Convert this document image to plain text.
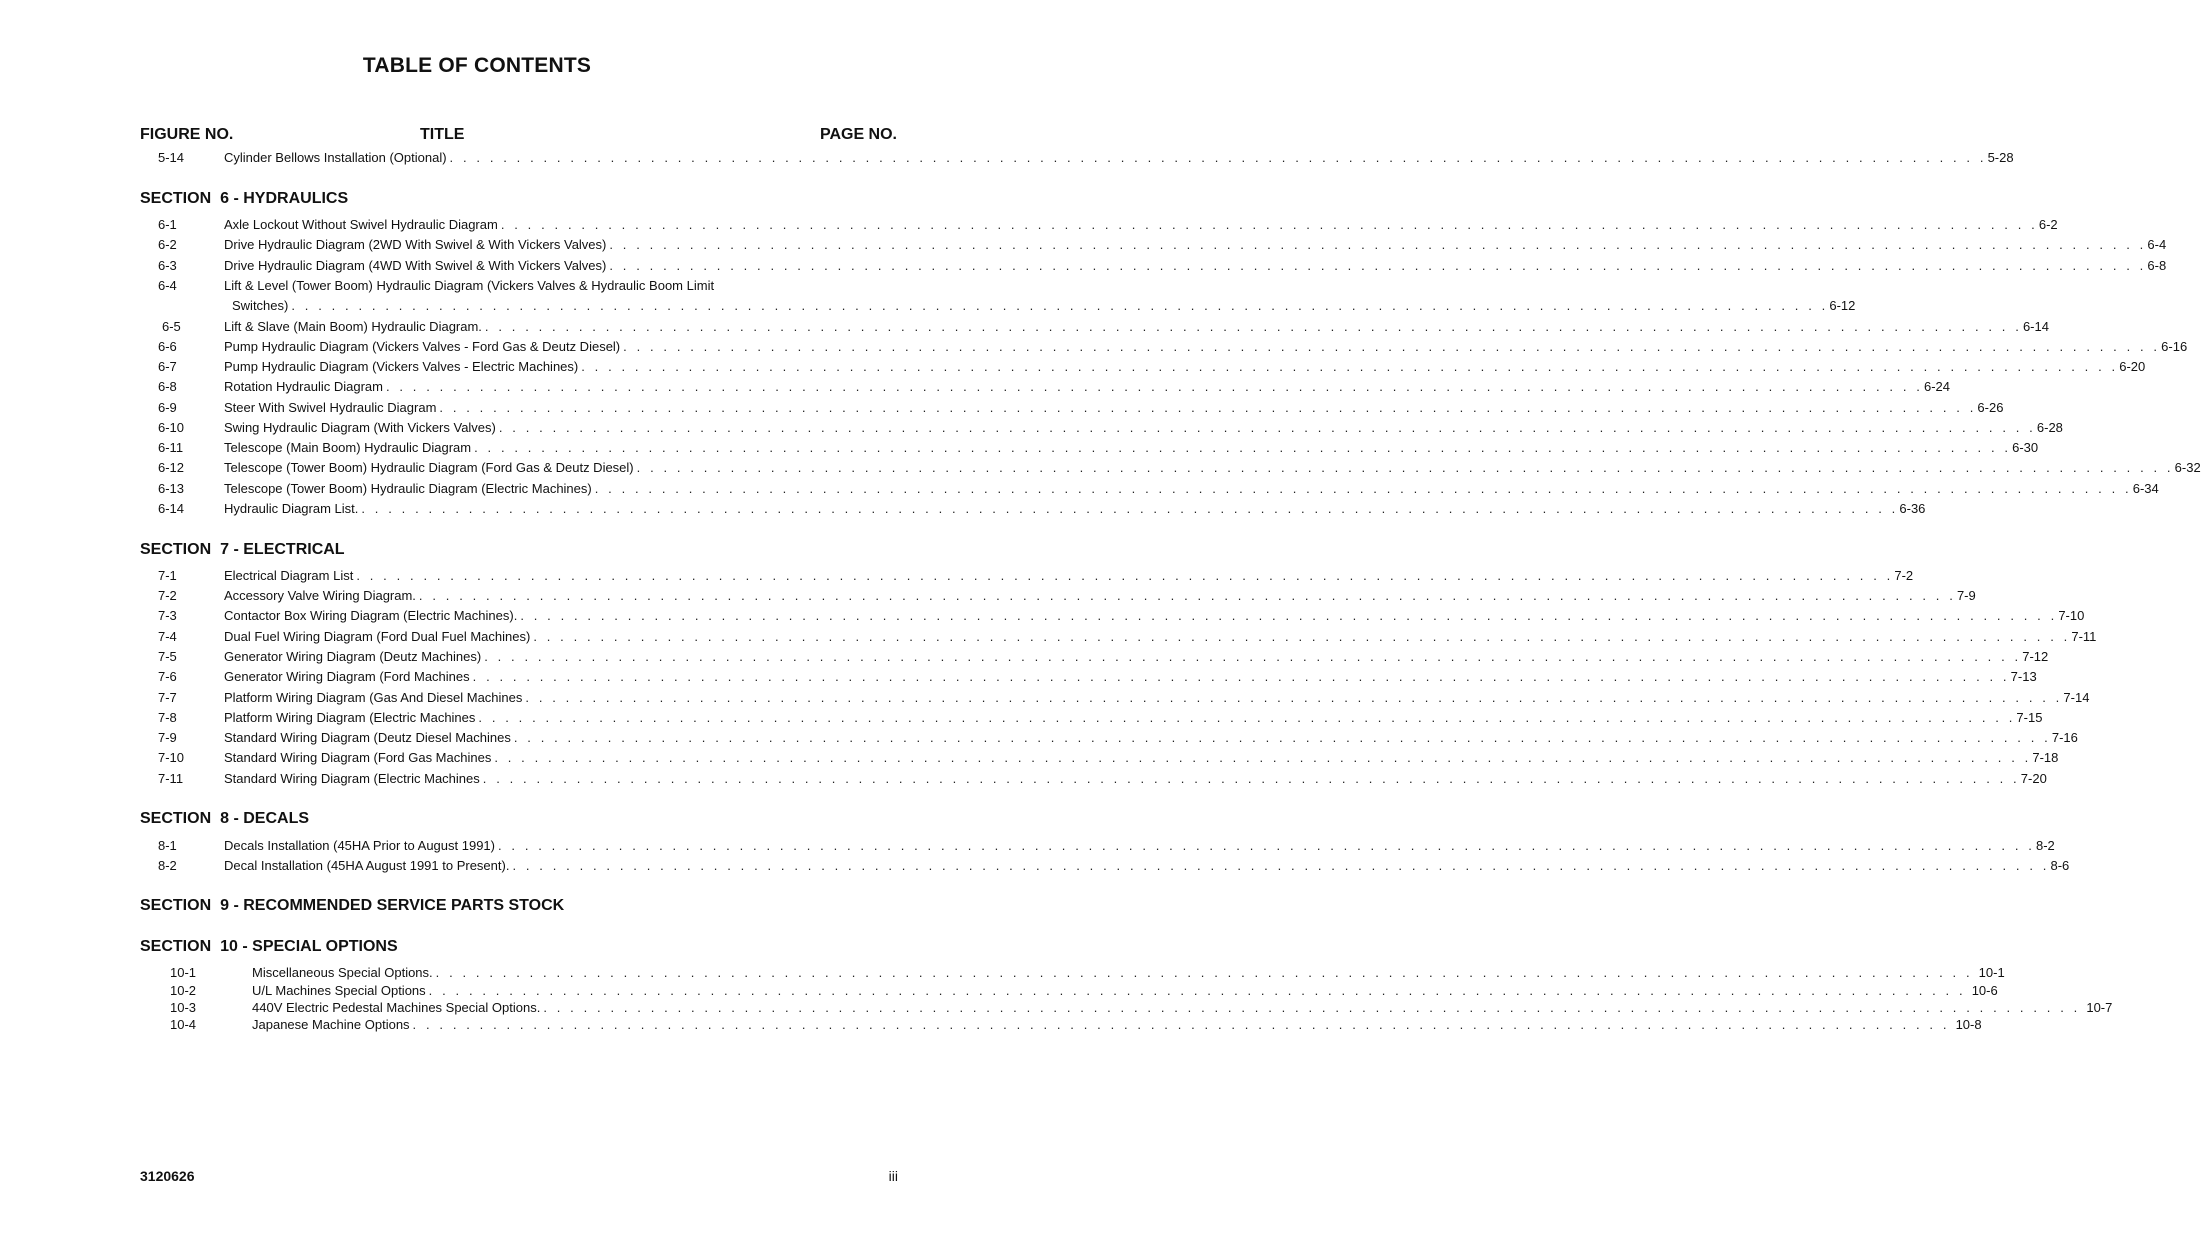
TABLE OF CONTENTS
FIGURE NO.	TITLE	PAGE NO.
5-14	Cylinder Bellows Installation (Optional) . . . . . . . . . . . . . . . . . . . . . . . . . . . . . . . . . . . . . . . . . . . . . . . . . . . . . . . . . . . . . . . . . . . . . . . . . . . . . . . . . . . . . . . . . . . . . . . . . . . . . . . . . . . . . . . . . . . 5-28
SECTION 6 - HYDRAULICS
6-1	Axle Lockout Without Swivel Hydraulic Diagram . . . . . . . . . . . . . . . . . . . . . . . . . . . . . . . . . . . . . . . . . . . . . . . . . . . . . . . . . . . . . . . . . . . . . . . . . . . . . . . . . . . . . . . . . . . . . . . . . . . . . . . . . . . . . . . . . . . 6-2
6-2	Drive Hydraulic Diagram (2WD With Swivel & With Vickers Valves) . . . . . . . . . . . . . . . . . . . . . . . . . . . . . . . . . . . . . . . . . . . . . . . . . . . . . . . . . . . . . . . . . . . . . . . . . . . . . . . . . . . . . . . . . . . . . . . . . . . . . . . . . . . . . . . . . . . 6-4
6-3	Drive Hydraulic Diagram (4WD With Swivel & With Vickers Valves) . . . . . . . . . . . . . . . . . . . . . . . . . . . . . . . . . . . . . . . . . . . . . . . . . . . . . . . . . . . . . . . . . . . . . . . . . . . . . . . . . . . . . . . . . . . . . . . . . . . . . . . . . . . . . . . . . . . 6-8
6-4	Lift & Level (Tower Boom) Hydraulic Diagram (Vickers Valves & Hydraulic Boom Limit
Switches) . . . . . . . . . . . . . . . . . . . . . . . . . . . . . . . . . . . . . . . . . . . . . . . . . . . . . . . . . . . . . . . . . . . . . . . . . . . . . . . . . . . . . . . . . . . . . . . . . . . . . . . . . . . . . . . . . . . 6-12
6-5	Lift & Slave (Main Boom) Hydraulic Diagram. . . . . . . . . . . . . . . . . . . . . . . . . . . . . . . . . . . . . . . . . . . . . . . . . . . . . . . . . . . . . . . . . . . . . . . . . . . . . . . . . . . . . . . . . . . . . . . . . . . . . . . . . . . . . . . . . . . . 6-14
6-6	Pump Hydraulic Diagram (Vickers Valves - Ford Gas & Deutz Diesel) . . . . . . . . . . . . . . . . . . . . . . . . . . . . . . . . . . . . . . . . . . . . . . . . . . . . . . . . . . . . . . . . . . . . . . . . . . . . . . . . . . . . . . . . . . . . . . . . . . . . . . . . . . . . . . . . . . . 6-16
6-7	Pump Hydraulic Diagram (Vickers Valves - Electric Machines) . . . . . . . . . . . . . . . . . . . . . . . . . . . . . . . . . . . . . . . . . . . . . . . . . . . . . . . . . . . . . . . . . . . . . . . . . . . . . . . . . . . . . . . . . . . . . . . . . . . . . . . . . . . . . . . . . . . 6-20
6-8	Rotation Hydraulic Diagram . . . . . . . . . . . . . . . . . . . . . . . . . . . . . . . . . . . . . . . . . . . . . . . . . . . . . . . . . . . . . . . . . . . . . . . . . . . . . . . . . . . . . . . . . . . . . . . . . . . . . . . . . . . . . . . . . . . 6-24
6-9	Steer With Swivel Hydraulic Diagram . . . . . . . . . . . . . . . . . . . . . . . . . . . . . . . . . . . . . . . . . . . . . . . . . . . . . . . . . . . . . . . . . . . . . . . . . . . . . . . . . . . . . . . . . . . . . . . . . . . . . . . . . . . . . . . . . . . 6-26
6-10	Swing Hydraulic Diagram (With Vickers Valves) . . . . . . . . . . . . . . . . . . . . . . . . . . . . . . . . . . . . . . . . . . . . . . . . . . . . . . . . . . . . . . . . . . . . . . . . . . . . . . . . . . . . . . . . . . . . . . . . . . . . . . . . . . . . . . . . . . . 6-28
6-11	Telescope (Main Boom) Hydraulic Diagram . . . . . . . . . . . . . . . . . . . . . . . . . . . . . . . . . . . . . . . . . . . . . . . . . . . . . . . . . . . . . . . . . . . . . . . . . . . . . . . . . . . . . . . . . . . . . . . . . . . . . . . . . . . . . . . . . . . 6-30
6-12	Telescope (Tower Boom) Hydraulic Diagram (Ford Gas & Deutz Diesel) . . . . . . . . . . . . . . . . . . . . . . . . . . . . . . . . . . . . . . . . . . . . . . . . . . . . . . . . . . . . . . . . . . . . . . . . . . . . . . . . . . . . . . . . . . . . . . . . . . . . . . . . . . . . . . . . . . . 6-32
6-13	Telescope (Tower Boom) Hydraulic Diagram (Electric Machines) . . . . . . . . . . . . . . . . . . . . . . . . . . . . . . . . . . . . . . . . . . . . . . . . . . . . . . . . . . . . . . . . . . . . . . . . . . . . . . . . . . . . . . . . . . . . . . . . . . . . . . . . . . . . . . . . . . . 6-34
6-14	Hydraulic Diagram List. . . . . . . . . . . . . . . . . . . . . . . . . . . . . . . . . . . . . . . . . . . . . . . . . . . . . . . . . . . . . . . . . . . . . . . . . . . . . . . . . . . . . . . . . . . . . . . . . . . . . . . . . . . . . . . . . . . . 6-36
SECTION 7 - ELECTRICAL
7-1	Electrical Diagram List . . . . . . . . . . . . . . . . . . . . . . . . . . . . . . . . . . . . . . . . . . . . . . . . . . . . . . . . . . . . . . . . . . . . . . . . . . . . . . . . . . . . . . . . . . . . . . . . . . . . . . . . . . . . . . . . . . . 7-2
7-2	Accessory Valve Wiring Diagram. . . . . . . . . . . . . . . . . . . . . . . . . . . . . . . . . . . . . . . . . . . . . . . . . . . . . . . . . . . . . . . . . . . . . . . . . . . . . . . . . . . . . . . . . . . . . . . . . . . . . . . . . . . . . . . . . . . . 7-9
7-3	Contactor Box Wiring Diagram (Electric Machines). . . . . . . . . . . . . . . . . . . . . . . . . . . . . . . . . . . . . . . . . . . . . . . . . . . . . . . . . . . . . . . . . . . . . . . . . . . . . . . . . . . . . . . . . . . . . . . . . . . . . . . . . . . . . . . . . . . . 7-10
7-4	Dual Fuel Wiring Diagram (Ford Dual Fuel Machines) . . . . . . . . . . . . . . . . . . . . . . . . . . . . . . . . . . . . . . . . . . . . . . . . . . . . . . . . . . . . . . . . . . . . . . . . . . . . . . . . . . . . . . . . . . . . . . . . . . . . . . . . . . . . . . . . . . . 7-11
7-5	Generator Wiring Diagram (Deutz Machines) . . . . . . . . . . . . . . . . . . . . . . . . . . . . . . . . . . . . . . . . . . . . . . . . . . . . . . . . . . . . . . . . . . . . . . . . . . . . . . . . . . . . . . . . . . . . . . . . . . . . . . . . . . . . . . . . . . . 7-12
7-6	Generator Wiring Diagram (Ford Machines . . . . . . . . . . . . . . . . . . . . . . . . . . . . . . . . . . . . . . . . . . . . . . . . . . . . . . . . . . . . . . . . . . . . . . . . . . . . . . . . . . . . . . . . . . . . . . . . . . . . . . . . . . . . . . . . . . . 7-13
7-7	Platform Wiring Diagram (Gas And Diesel Machines . . . . . . . . . . . . . . . . . . . . . . . . . . . . . . . . . . . . . . . . . . . . . . . . . . . . . . . . . . . . . . . . . . . . . . . . . . . . . . . . . . . . . . . . . . . . . . . . . . . . . . . . . . . . . . . . . . . 7-14
7-8	Platform Wiring Diagram (Electric Machines . . . . . . . . . . . . . . . . . . . . . . . . . . . . . . . . . . . . . . . . . . . . . . . . . . . . . . . . . . . . . . . . . . . . . . . . . . . . . . . . . . . . . . . . . . . . . . . . . . . . . . . . . . . . . . . . . . . 7-15
7-9	Standard Wiring Diagram (Deutz Diesel Machines . . . . . . . . . . . . . . . . . . . . . . . . . . . . . . . . . . . . . . . . . . . . . . . . . . . . . . . . . . . . . . . . . . . . . . . . . . . . . . . . . . . . . . . . . . . . . . . . . . . . . . . . . . . . . . . . . . . 7-16
7-10	Standard Wiring Diagram (Ford Gas Machines . . . . . . . . . . . . . . . . . . . . . . . . . . . . . . . . . . . . . . . . . . . . . . . . . . . . . . . . . . . . . . . . . . . . . . . . . . . . . . . . . . . . . . . . . . . . . . . . . . . . . . . . . . . . . . . . . . . 7-18
7-11	Standard Wiring Diagram (Electric Machines . . . . . . . . . . . . . . . . . . . . . . . . . . . . . . . . . . . . . . . . . . . . . . . . . . . . . . . . . . . . . . . . . . . . . . . . . . . . . . . . . . . . . . . . . . . . . . . . . . . . . . . . . . . . . . . . . . . 7-20
SECTION 8 - DECALS
8-1	Decals Installation (45HA Prior to August 1991) . . . . . . . . . . . . . . . . . . . . . . . . . . . . . . . . . . . . . . . . . . . . . . . . . . . . . . . . . . . . . . . . . . . . . . . . . . . . . . . . . . . . . . . . . . . . . . . . . . . . . . . . . . . . . . . . . . . 8-2
8-2	Decal Installation (45HA August 1991 to Present). . . . . . . . . . . . . . . . . . . . . . . . . . . . . . . . . . . . . . . . . . . . . . . . . . . . . . . . . . . . . . . . . . . . . . . . . . . . . . . . . . . . . . . . . . . . . . . . . . . . . . . . . . . . . . . . . . . . 8-6
SECTION 9 - RECOMMENDED SERVICE PARTS STOCK
SECTION 10 - SPECIAL OPTIONS
10-1	Miscellaneous Special Options. . . . . . . . . . . . . . . . . . . . . . . . . . . . . . . . . . . . . . . . . . . . . . . . . . . . . . . . . . . . . . . . . . . . . . . . . . . . . . . . . . . . . . . . . . . . . . . . . . . . . . . . . . . . . . . . . . . . 10-1
10-2	U/L Machines Special Options . . . . . . . . . . . . . . . . . . . . . . . . . . . . . . . . . . . . . . . . . . . . . . . . . . . . . . . . . . . . . . . . . . . . . . . . . . . . . . . . . . . . . . . . . . . . . . . . . . . . . . . . . . . . . . . . . . . 10-6
10-3	440V Electric Pedestal Machines Special Options. . . . . . . . . . . . . . . . . . . . . . . . . . . . . . . . . . . . . . . . . . . . . . . . . . . . . . . . . . . . . . . . . . . . . . . . . . . . . . . . . . . . . . . . . . . . . . . . . . . . . . . . . . . . . . . . . . . . 10-7
10-4	Japanese Machine Options . . . . . . . . . . . . . . . . . . . . . . . . . . . . . . . . . . . . . . . . . . . . . . . . . . . . . . . . . . . . . . . . . . . . . . . . . . . . . . . . . . . . . . . . . . . . . . . . . . . . . . . . . . . . . . . . . . . 10-8
3120626	iii
